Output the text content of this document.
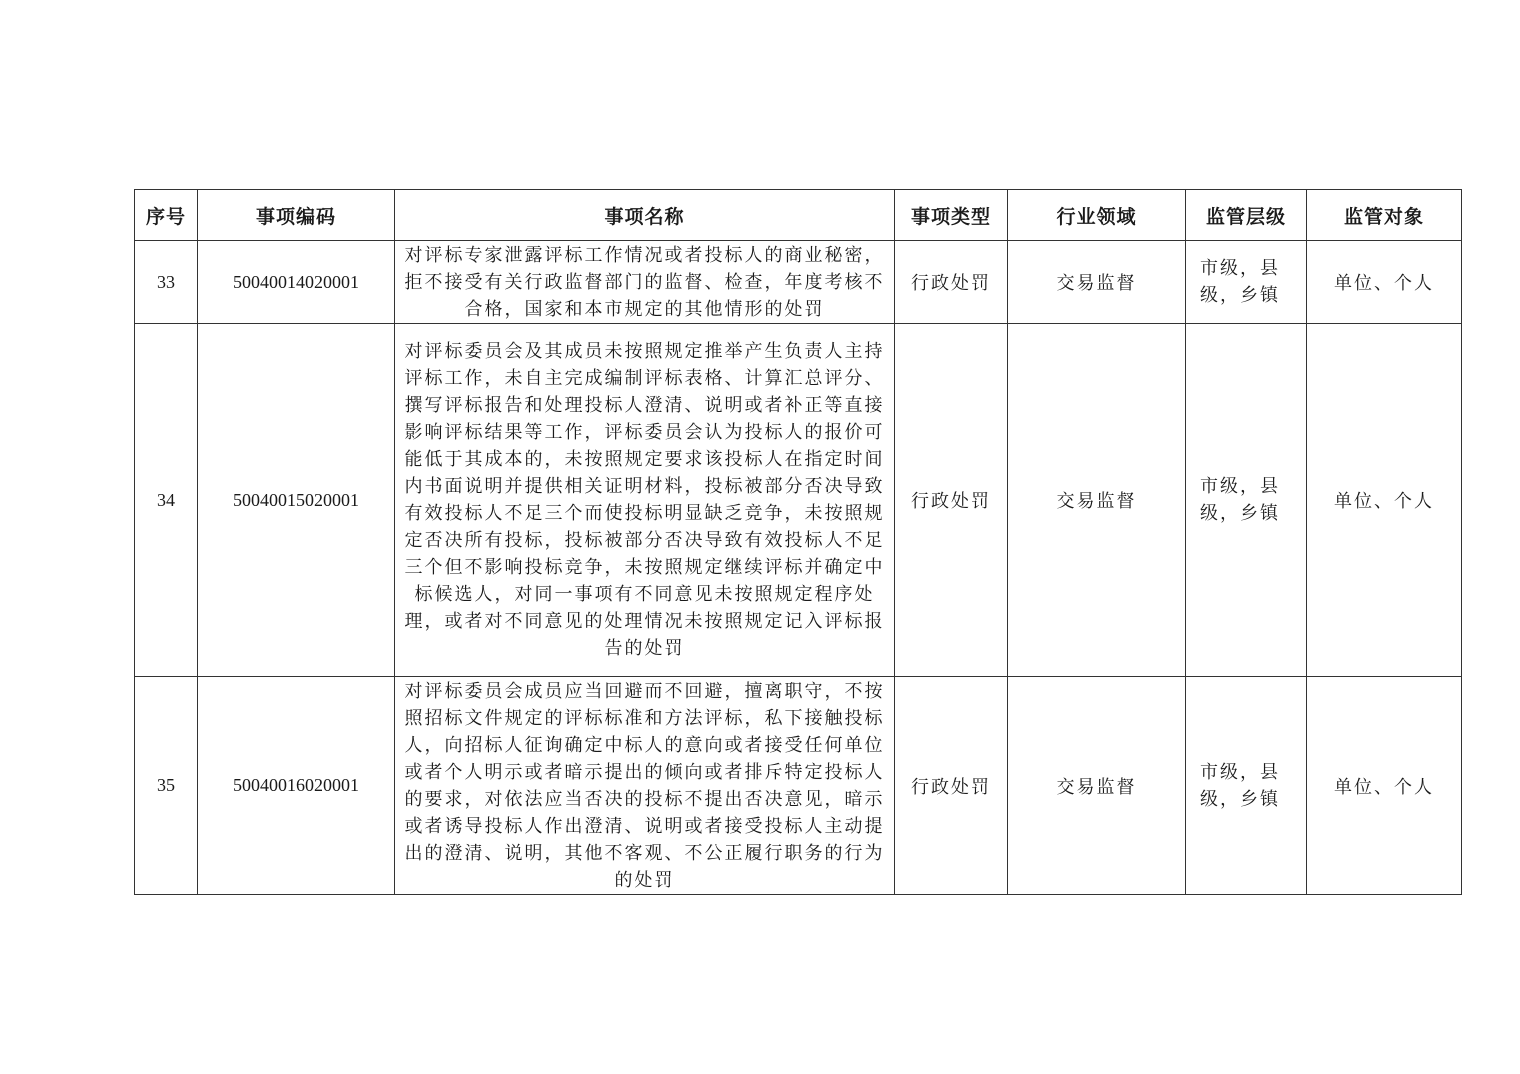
序号	事项编码	事项名称	事项类型	行业领域	监管层级	监管对象
33	50040014020001	对评标专家泄露评标工作情况或者投标人的商业秘密，拒不接受有关行政监督部门的监督、检查，年度考核不合格，国家和本市规定的其他情形的处罚	行政处罚	交易监督	市级，县级，乡镇	单位、个人
34	50040015020001	对评标委员会及其成员未按照规定推举产生负责人主持评标工作，未自主完成编制评标表格、计算汇总评分、撰写评标报告和处理投标人澄清、说明或者补正等直接影响评标结果等工作，评标委员会认为投标人的报价可能低于其成本的，未按照规定要求该投标人在指定时间内书面说明并提供相关证明材料，投标被部分否决导致有效投标人不足三个而使投标明显缺乏竞争，未按照规定否决所有投标，投标被部分否决导致有效投标人不足三个但不影响投标竞争，未按照规定继续评标并确定中标候选人，对同一事项有不同意见未按照规定程序处理，或者对不同意见的处理情况未按照规定记入评标报告的处罚	行政处罚	交易监督	市级，县级，乡镇	单位、个人
35	50040016020001	对评标委员会成员应当回避而不回避，擅离职守，不按照招标文件规定的评标标准和方法评标，私下接触投标人，向招标人征询确定中标人的意向或者接受任何单位或者个人明示或者暗示提出的倾向或者排斥特定投标人的要求，对依法应当否决的投标不提出否决意见，暗示或者诱导投标人作出澄清、说明或者接受投标人主动提出的澄清、说明，其他不客观、不公正履行职务的行为的处罚	行政处罚	交易监督	市级，县级，乡镇	单位、个人
